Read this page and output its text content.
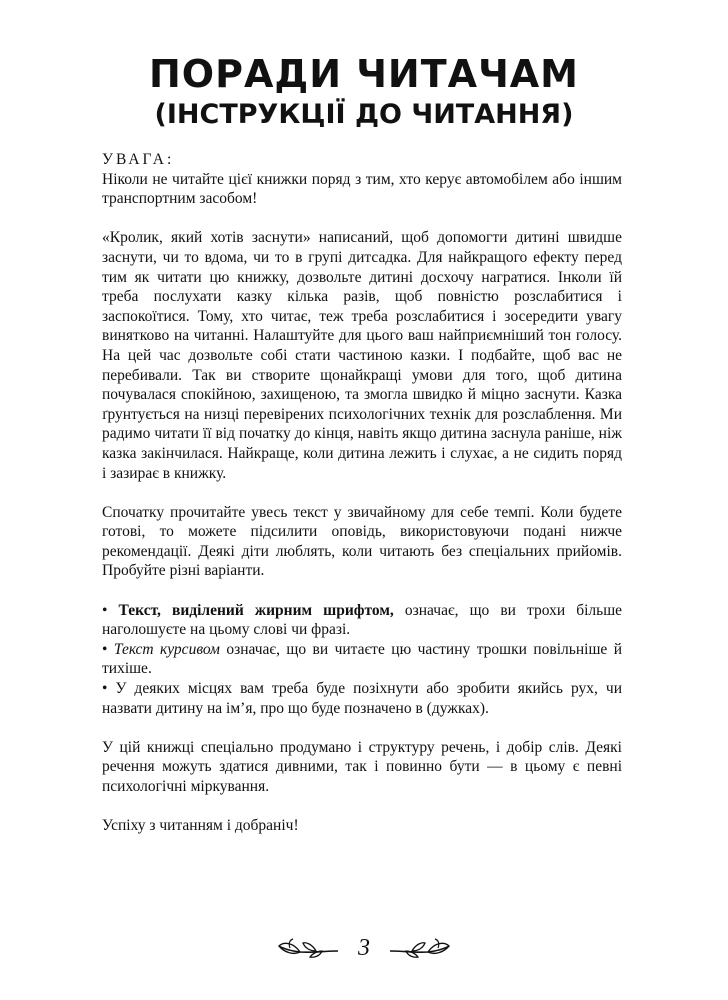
ПОРАДИ ЧИТАЧАМ
(ІНСТРУКЦІЇ ДО ЧИТАННЯ)

УВАГА:
Ніколи не читайте цієї книжки поряд з тим, хто керує автомобілем або іншим транспортним засобом!

«Кролик, який хотів заснути» написаний, щоб допомогти дитині швидше заснути, чи то вдома, чи то в групі дитсадка. Для найкращого ефекту перед тим як читати цю книжку, дозвольте дитині досхочу награтися. Інколи їй треба послухати казку кілька разів, щоб повністю розслабитися і заспокоїтися. Тому, хто читає, теж треба розслабитися і зосередити увагу винятково на читанні. Налаштуйте для цього ваш найприємніший тон голосу. На цей час дозвольте собі стати частиною казки. І подбайте, щоб вас не перебивали. Так ви створите щонайкращі умови для того, щоб дитина почувалася спокійною, захищеною, та змогла швидко й міцно заснути. Казка ґрунтується на низці перевірених психологічних технік для розслаблення. Ми радимо читати її від початку до кінця, навіть якщо дитина заснула раніше, ніж казка закінчилася. Найкраще, коли дитина лежить і слухає, а не сидить поряд і зазирає в книжку.

Спочатку прочитайте увесь текст у звичайному для себе темпі. Коли будете готові, то можете підсилити оповідь, використовуючи подані нижче рекомендації. Деякі діти люблять, коли читають без спеціальних прийомів. Пробуйте різні варіанти.

• Текст, виділений жирним шрифтом, означає, що ви трохи більше наголошуєте на цьому слові чи фразі.

• Текст курсивом означає, що ви читаєте цю частину трошки повільніше й тихіше.

• У деяких місцях вам треба буде позіхнути або зробити якийсь рух, чи назвати дитину на ім’я, про що буде позначено в (дужках).

У цій книжці спеціально продумано і структуру речень, і добір слів. Деякі речення можуть здатися дивними, так і повинно бути — в цьому є певні психологічні міркування.

Успіху з читанням і добраніч!

3
